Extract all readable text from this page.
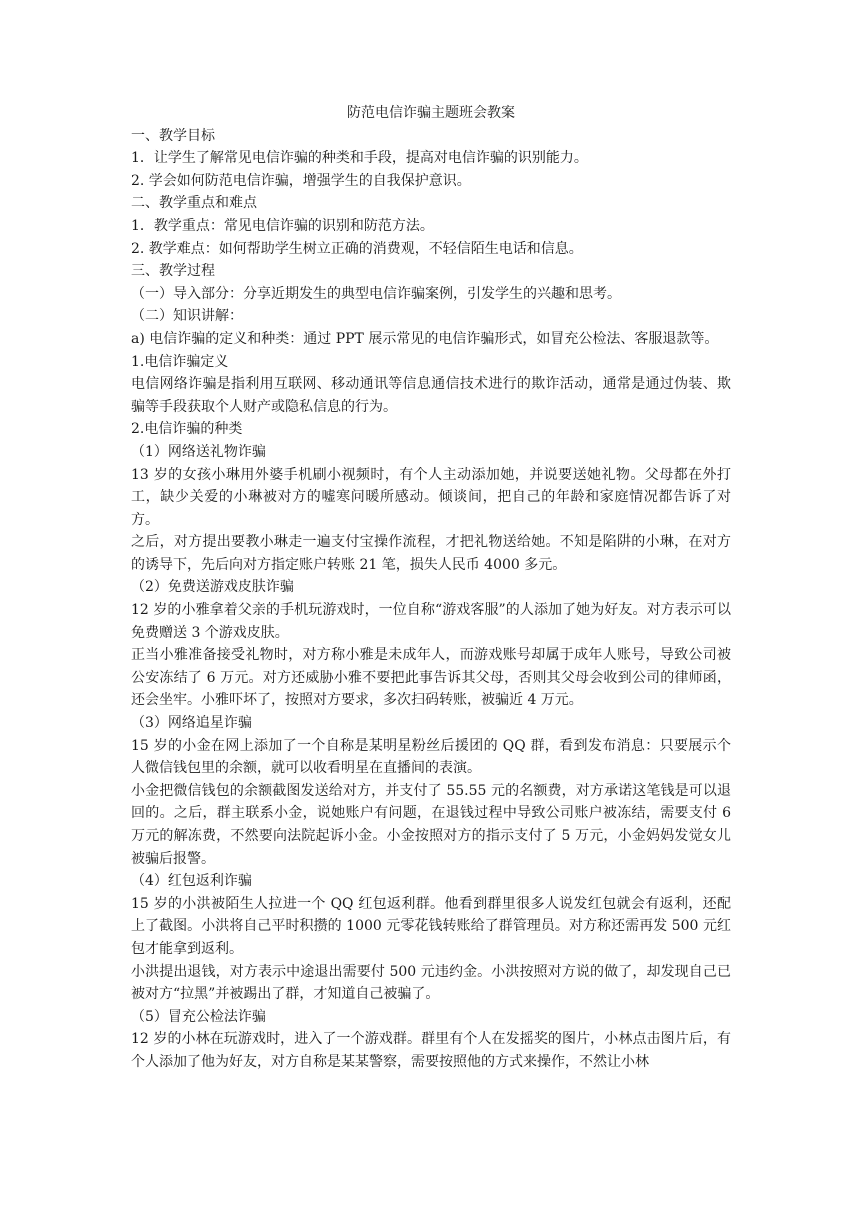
防范电信诈骗主题班会教案

一、教学目标

1．让学生了解常见电信诈骗的种类和手段，提高对电信诈骗的识别能力。

2. 学会如何防范电信诈骗，增强学生的自我保护意识。

二、教学重点和难点

1．教学重点：常见电信诈骗的识别和防范方法。

2. 教学难点：如何帮助学生树立正确的消费观，不轻信陌生电话和信息。

三、教学过程

（一）导入部分：分享近期发生的典型电信诈骗案例，引发学生的兴趣和思考。

（二）知识讲解：

a) 电信诈骗的定义和种类：通过 PPT 展示常见的电信诈骗形式，如冒充公检法、客服退款等。

1.电信诈骗定义

电信网络诈骗是指利用互联网、移动通讯等信息通信技术进行的欺诈活动，通常是通过伪装、欺骗等手段获取个人财产或隐私信息的行为。

2.电信诈骗的种类

（1）网络送礼物诈骗

13 岁的女孩小琳用外婆手机刷小视频时，有个人主动添加她，并说要送她礼物。父母都在外打工，缺少关爱的小琳被对方的嘘寒问暖所感动。倾谈间，把自己的年龄和家庭情况都告诉了对方。

之后，对方提出要教小琳走一遍支付宝操作流程，才把礼物送给她。不知是陷阱的小琳，在对方的诱导下，先后向对方指定账户转账 21 笔，损失人民币 4000 多元。

（2）免费送游戏皮肤诈骗

12 岁的小雅拿着父亲的手机玩游戏时，一位自称“游戏客服”的人添加了她为好友。对方表示可以免费赠送 3 个游戏皮肤。

正当小雅准备接受礼物时，对方称小雅是未成年人，而游戏账号却属于成年人账号，导致公司被公安冻结了 6 万元。对方还威胁小雅不要把此事告诉其父母，否则其父母会收到公司的律师函，还会坐牢。小雅吓坏了，按照对方要求，多次扫码转账，被骗近 4 万元。

（3）网络追星诈骗

15 岁的小金在网上添加了一个自称是某明星粉丝后援团的 QQ 群，看到发布消息：只要展示个人微信钱包里的余额，就可以收看明星在直播间的表演。

小金把微信钱包的余额截图发送给对方，并支付了 55.55 元的名额费，对方承诺这笔钱是可以退回的。之后，群主联系小金，说她账户有问题，在退钱过程中导致公司账户被冻结，需要支付 6 万元的解冻费，不然要向法院起诉小金。小金按照对方的指示支付了 5 万元，小金妈妈发觉女儿被骗后报警。

（4）红包返利诈骗

15 岁的小洪被陌生人拉进一个 QQ 红包返利群。他看到群里很多人说发红包就会有返利，还配上了截图。小洪将自己平时积攒的 1000 元零花钱转账给了群管理员。对方称还需再发 500 元红包才能拿到返利。

小洪提出退钱，对方表示中途退出需要付 500 元违约金。小洪按照对方说的做了，却发现自己已被对方“拉黑”并被踢出了群，才知道自己被骗了。

（5）冒充公检法诈骗

12 岁的小林在玩游戏时，进入了一个游戏群。群里有个人在发摇奖的图片，小林点击图片后，有个人添加了他为好友，对方自称是某某警察，需要按照他的方式来操作，不然让小林
